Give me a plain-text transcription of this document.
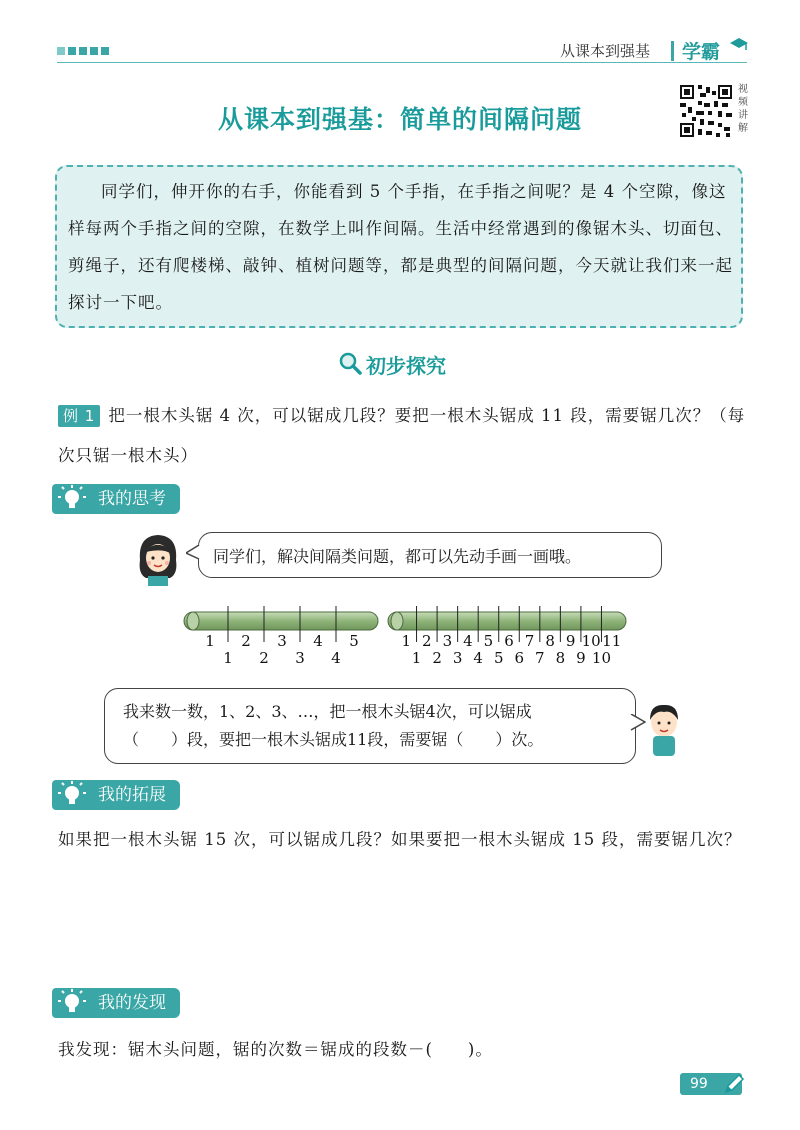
从课本到强基 学霸
从课本到强基：简单的间隔问题
视频讲解
同学们，伸开你的右手，你能看到 5 个手指，在手指之间呢？是 4 个空隙，像这样每两个手指之间的空隙，在数学上叫作间隔。生活中经常遇到的像锯木头、切面包、剪绳子，还有爬楼梯、敲钟、植树问题等，都是典型的间隔问题，今天就让我们来一起探讨一下吧。
初步探究
例 1 把一根木头锯 4 次，可以锯成几段？要把一根木头锯成 11 段，需要锯几次？（每次只锯一根木头）
我的思考
同学们，解决间隔类问题，都可以先动手画一画哦。
1 2 3 4 5
1 2 3 4
1 2 3 4 5 6 7 8 9 10 11
1 2 3 4 5 6 7 8 9 10
我来数一数，1、2、3、…，把一根木头锯4次，可以锯成
（　　）段，要把一根木头锯成11段，需要锯（　　）次。
我的拓展
如果把一根木头锯 15 次，可以锯成几段？如果要把一根木头锯成 15 段，需要锯几次？
我的发现
我发现：锯木头问题，锯的次数＝锯成的段数－(　　)。
99
